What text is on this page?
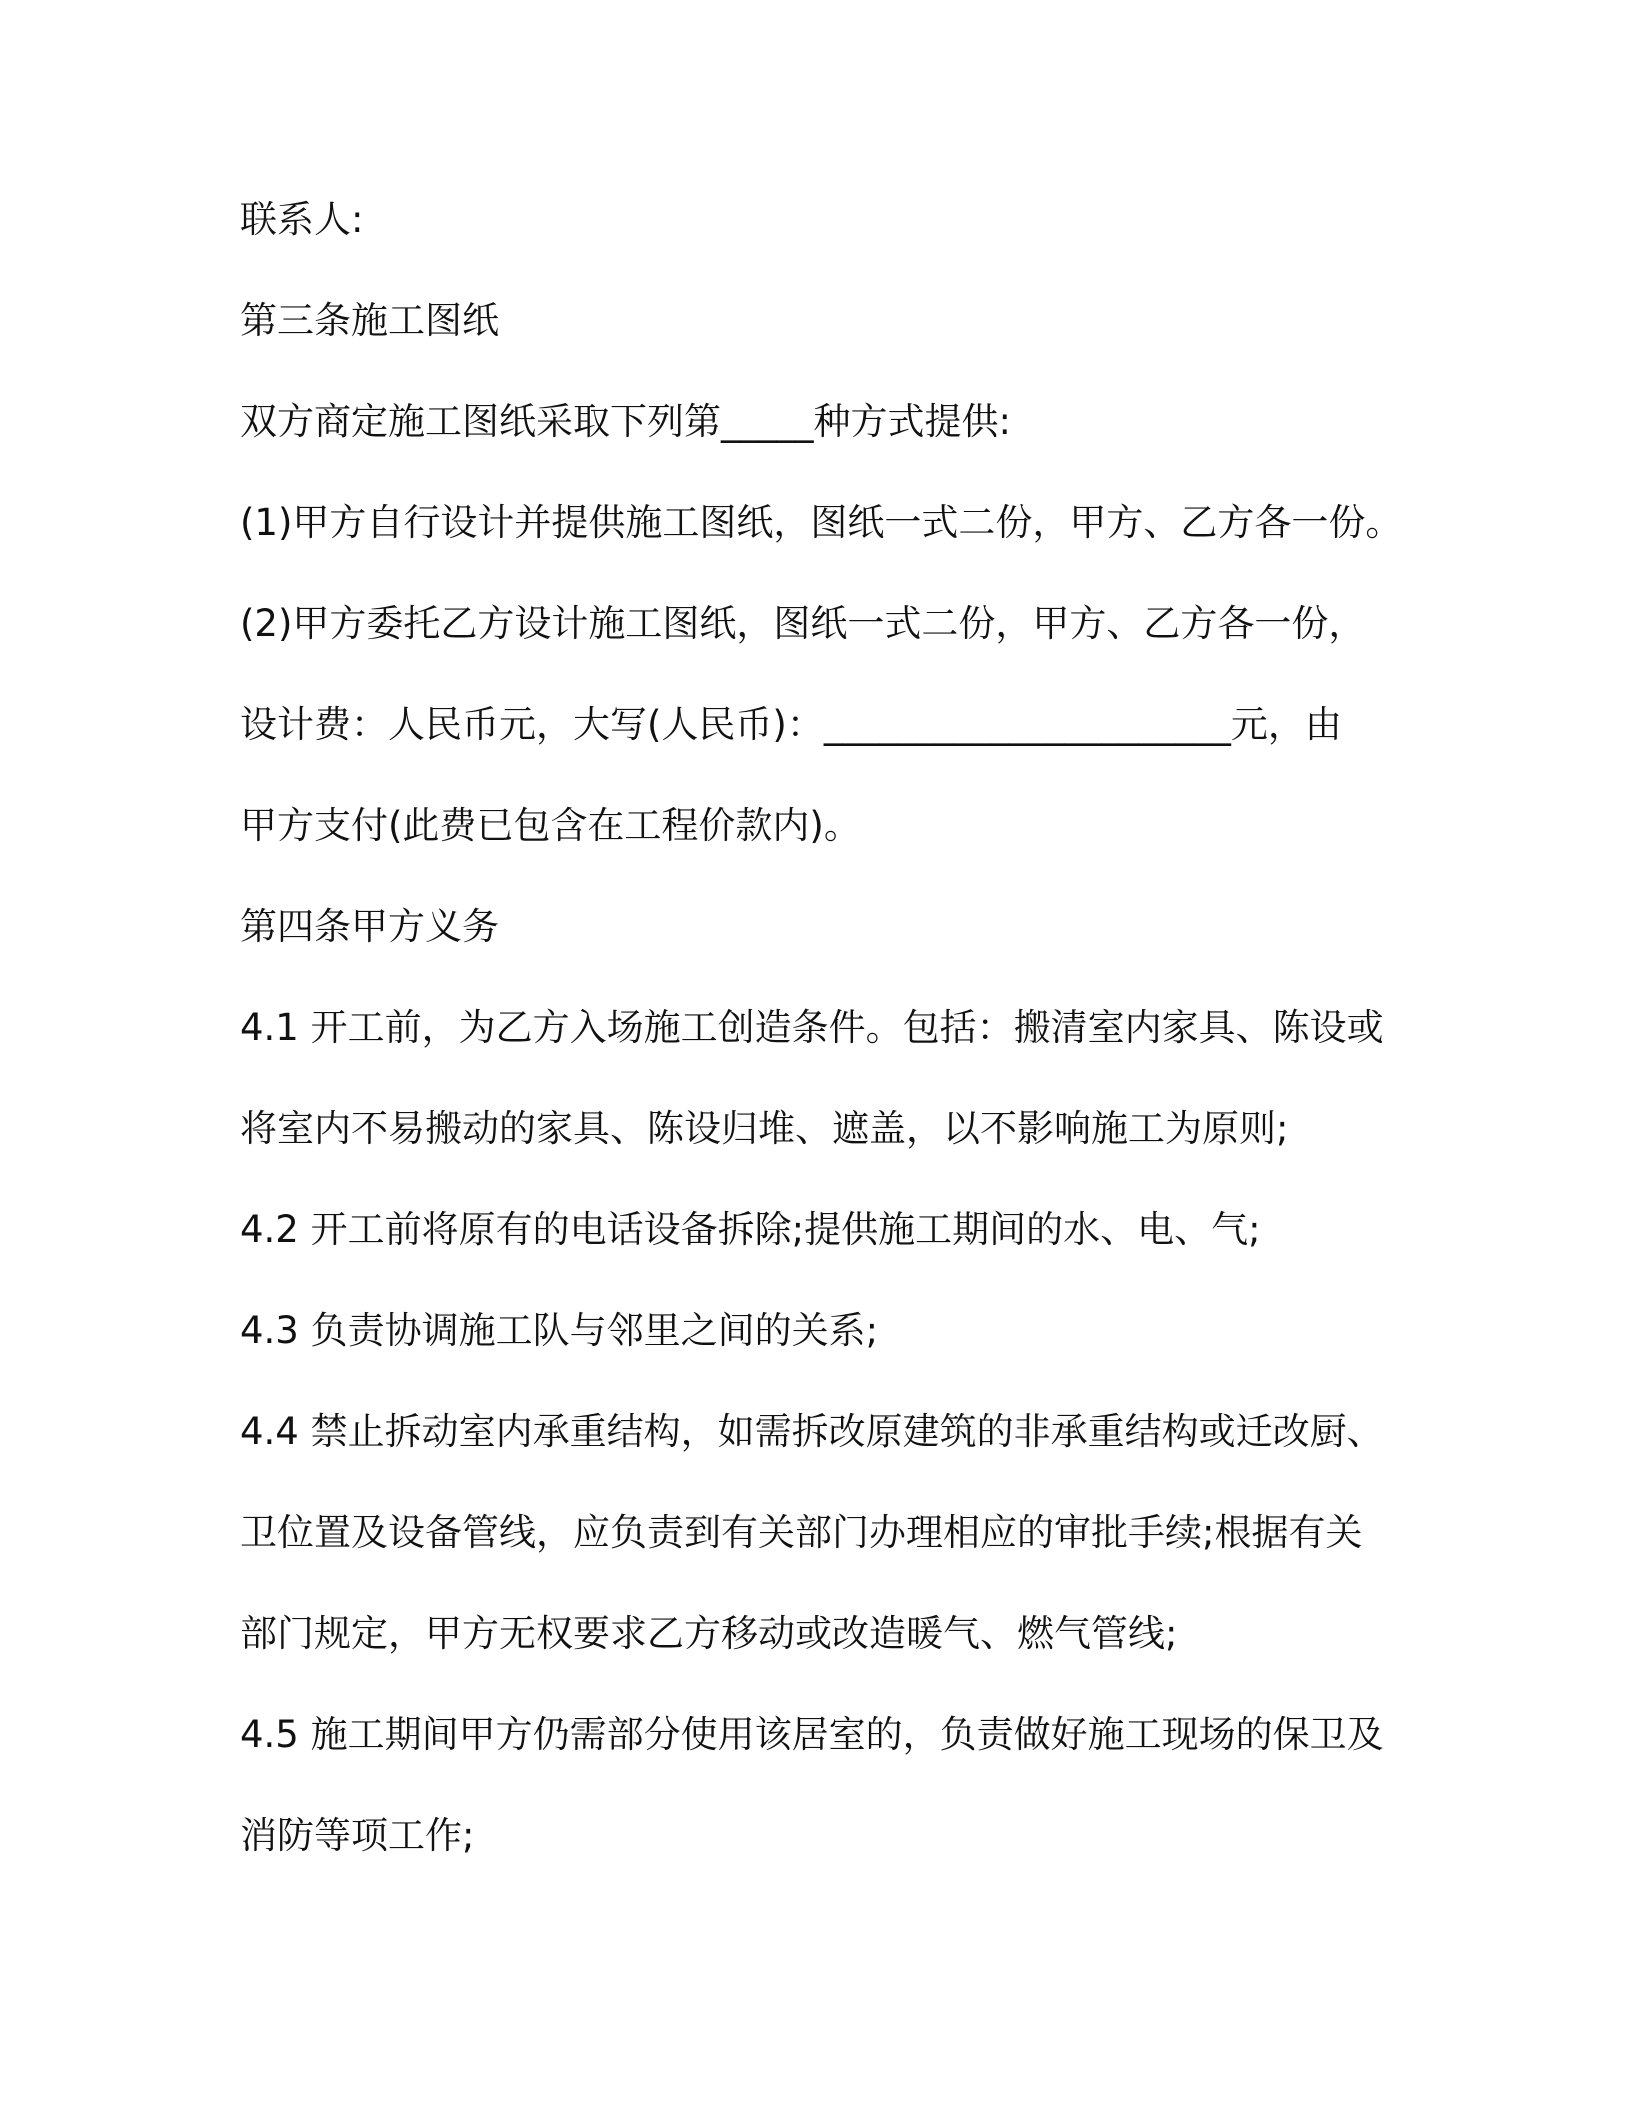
联系人:
第三条施工图纸
双方商定施工图纸采取下列第_____种方式提供:
(1)甲方自行设计并提供施工图纸，图纸一式二份，甲方、乙方各一份。
(2)甲方委托乙方设计施工图纸，图纸一式二份，甲方、乙方各一份，
设计费：人民币元，大写(人民币)：______________________元，由
甲方支付(此费已包含在工程价款内)。
第四条甲方义务
4.1 开工前，为乙方入场施工创造条件。包括：搬清室内家具、陈设或
将室内不易搬动的家具、陈设归堆、遮盖，以不影响施工为原则;
4.2 开工前将原有的电话设备拆除;提供施工期间的水、电、气;
4.3 负责协调施工队与邻里之间的关系;
4.4 禁止拆动室内承重结构，如需拆改原建筑的非承重结构或迁改厨、
卫位置及设备管线，应负责到有关部门办理相应的审批手续;根据有关
部门规定，甲方无权要求乙方移动或改造暖气、燃气管线;
4.5 施工期间甲方仍需部分使用该居室的，负责做好施工现场的保卫及
消防等项工作;
